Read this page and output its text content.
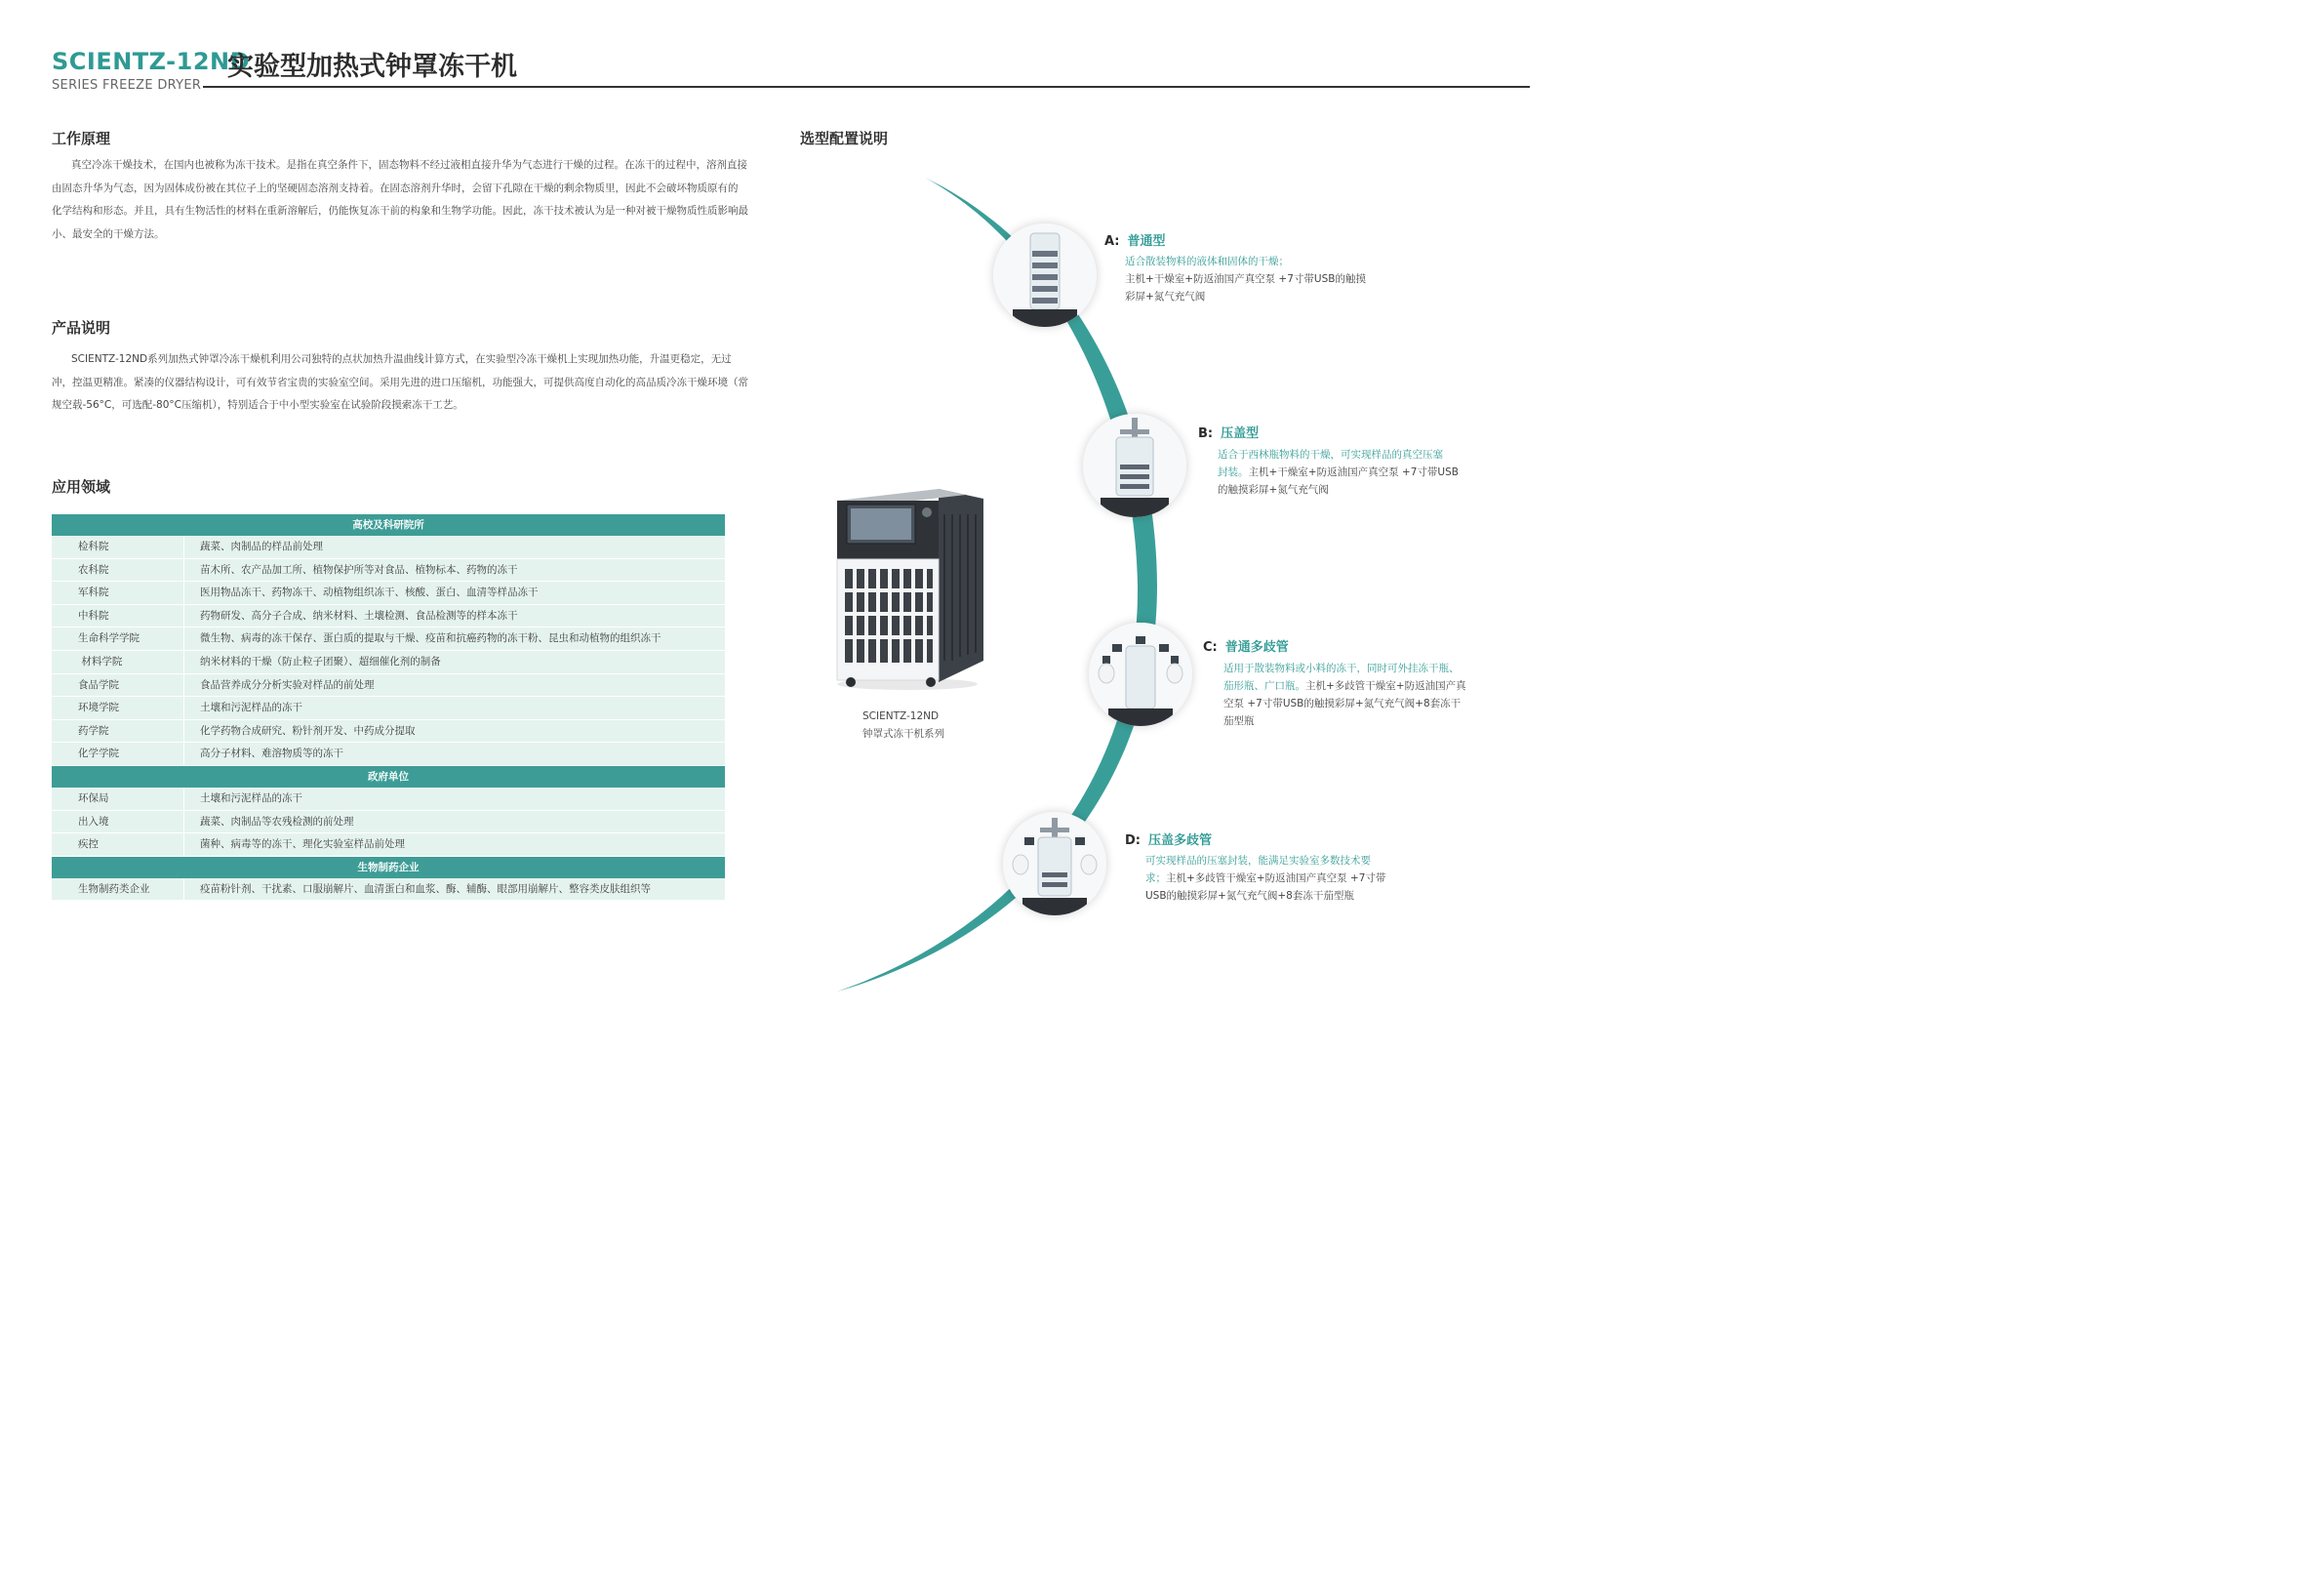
SCIENTZ-12ND
实验型加热式钟罩冻干机
SERIES FREEZE DRYER
工作原理
真空冷冻干燥技术，在国内也被称为冻干技术。是指在真空条件下，固态物料不经过液相直接升华为气态进行干燥的过程。在冻干的过程中，溶剂直接
由固态升华为气态，因为固体成份被在其位子上的坚硬固态溶剂支持着。在固态溶剂升华时，会留下孔隙在干燥的剩余物质里，因此不会破坏物质原有的
化学结构和形态。并且，具有生物活性的材料在重新溶解后，仍能恢复冻干前的构象和生物学功能。因此，冻干技术被认为是一种对被干燥物质性质影响最
小、最安全的干燥方法。
产品说明
SCIENTZ-12ND系列加热式钟罩冷冻干燥机利用公司独特的点状加热升温曲线计算方式，在实验型冷冻干燥机上实现加热功能，升温更稳定，无过
冲，控温更精准。紧凑的仪器结构设计，可有效节省宝贵的实验室空间。采用先进的进口压缩机，功能强大，可提供高度自动化的高品质冷冻干燥环境（常
规空载-56°C，可选配-80°C压缩机），特别适合于中小型实验室在试验阶段摸索冻干工艺。
应用领域
高校及科研院所
检科院	蔬菜、肉制品的样品前处理
农科院	苗木所、农产品加工所、植物保护所等对食品、植物标本、药物的冻干
军科院	医用物品冻干、药物冻干、动植物组织冻干、核酸、蛋白、血清等样品冻干
中科院	药物研发、高分子合成、纳米材料、土壤检测、食品检测等的样本冻干
生命科学学院	微生物、病毒的冻干保存、蛋白质的提取与干燥、疫苗和抗癌药物的冻干粉、昆虫和动植物的组织冻干
材料学院	纳米材料的干燥（防止粒子团聚）、超细催化剂的制备
食品学院	食品营养成分分析实验对样品的前处理
环境学院	土壤和污泥样品的冻干
药学院	化学药物合成研究、粉针剂开发、中药成分提取
化学学院	高分子材料、难溶物质等的冻干
政府单位
环保局	土壤和污泥样品的冻干
出入境	蔬菜、肉制品等农残检测的前处理
疾控	菌种、病毒等的冻干、理化实验室样品前处理
生物制药企业
生物制药类企业	疫苗粉针剂、干扰素、口服崩解片、血清蛋白和血浆、酶、辅酶、眼部用崩解片、整容类皮肤组织等
选型配置说明
A: 普通型
适合散装物料的液体和固体的干燥；
主机+干燥室+防返油国产真空泵 +7寸带USB的触摸
彩屏+氮气充气阀
B: 压盖型
适合于西林瓶物料的干燥，可实现样品的真空压塞
封装。主机+干燥室+防返油国产真空泵 +7寸带USB
的触摸彩屏+氮气充气阀
C: 普通多歧管
适用于散装物料或小料的冻干，同时可外挂冻干瓶、
茄形瓶、广口瓶。主机+多歧管干燥室+防返油国产真
空泵 +7寸带USB的触摸彩屏+氮气充气阀+8套冻干
茄型瓶
D: 压盖多歧管
可实现样品的压塞封装，能满足实验室多数技术要
求；主机+多歧管干燥室+防返油国产真空泵 +7寸带
USB的触摸彩屏+氮气充气阀+8套冻干茄型瓶
SCIENTZ-12ND
钟罩式冻干机系列
